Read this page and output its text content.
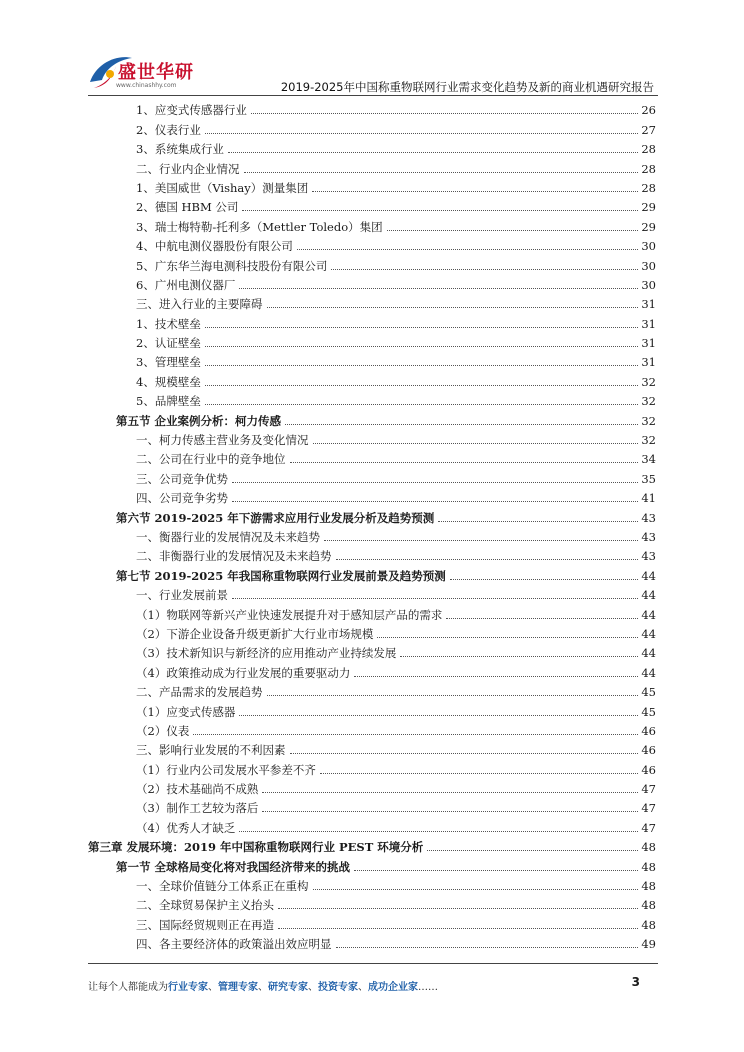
盛世华研
www.chinashhy.com	2019-2025年中国称重物联网行业需求变化趋势及新的商业机遇研究报告
1、应变式传感器行业	26
2、仪表行业	27
3、系统集成行业	28
二、行业内企业情况	28
1、美国威世（Vishay）测量集团	28
2、德国 HBM 公司	29
3、瑞士梅特勒-托利多（Mettler Toledo）集团	29
4、中航电测仪器股份有限公司	30
5、广东华兰海电测科技股份有限公司	30
6、广州电测仪器厂	30
三、进入行业的主要障碍	31
1、技术壁垒	31
2、认证壁垒	31
3、管理壁垒	31
4、规模壁垒	32
5、品牌壁垒	32
第五节 企业案例分析：柯力传感	32
一、柯力传感主营业务及变化情况	32
二、公司在行业中的竞争地位	34
三、公司竞争优势	35
四、公司竞争劣势	41
第六节 2019-2025 年下游需求应用行业发展分析及趋势预测	43
一、衡器行业的发展情况及未来趋势	43
二、非衡器行业的发展情况及未来趋势	43
第七节 2019-2025 年我国称重物联网行业发展前景及趋势预测	44
一、行业发展前景	44
（1）物联网等新兴产业快速发展提升对于感知层产品的需求	44
（2）下游企业设备升级更新扩大行业市场规模	44
（3）技术新知识与新经济的应用推动产业持续发展	44
（4）政策推动成为行业发展的重要驱动力	44
二、产品需求的发展趋势	45
（1）应变式传感器	45
（2）仪表	46
三、影响行业发展的不利因素	46
（1）行业内公司发展水平参差不齐	46
（2）技术基础尚不成熟	47
（3）制作工艺较为落后	47
（4）优秀人才缺乏	47
第三章 发展环境：2019 年中国称重物联网行业 PEST 环境分析	48
第一节 全球格局变化将对我国经济带来的挑战	48
一、全球价值链分工体系正在重构	48
二、全球贸易保护主义抬头	48
三、国际经贸规则正在再造	48
四、各主要经济体的政策溢出效应明显	49
让每个人都能成为行业专家、管理专家、研究专家、投资专家、成功企业家……	3
